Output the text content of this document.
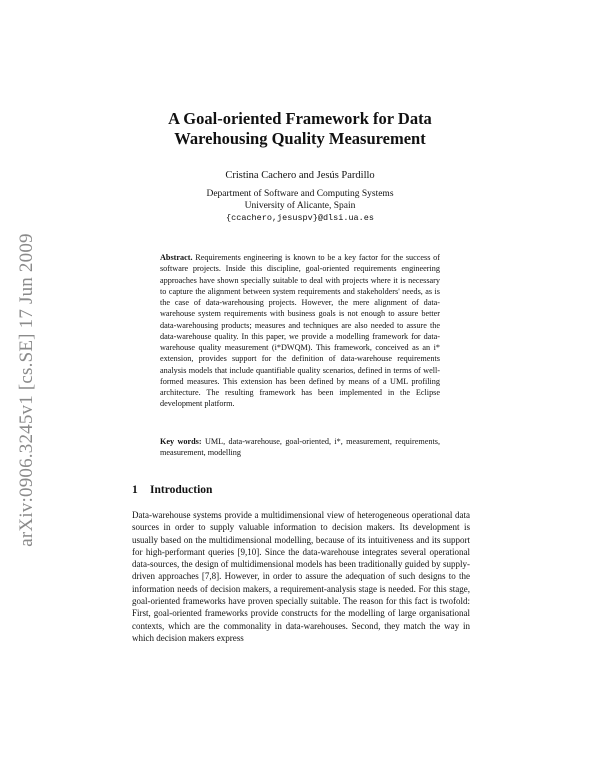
arXiv:0906.3245v1 [cs.SE] 17 Jun 2009
A Goal-oriented Framework for Data
Warehousing Quality Measurement
Cristina Cachero and Jesús Pardillo
Department of Software and Computing Systems
University of Alicante, Spain
{ccachero,jesuspv}@dlsi.ua.es

Abstract. Requirements engineering is known to be a key factor for the success of software projects. Inside this discipline, goal-oriented requirements engineering approaches have shown specially suitable to deal with projects where it is necessary to capture the alignment between system requirements and stakeholders' needs, as is the case of data-warehousing projects. However, the mere alignment of data-warehouse system requirements with business goals is not enough to assure better data-warehousing products; measures and techniques are also needed to assure the data-warehouse quality. In this paper, we provide a modelling framework for data-warehouse quality measurement (i*DWQM). This framework, conceived as an i* extension, provides support for the definition of data-warehouse requirements analysis models that include quantifiable quality scenarios, defined in terms of well-formed measures. This extension has been defined by means of a UML profiling architecture. The resulting framework has been implemented in the Eclipse development platform.

Key words: UML, data-warehouse, goal-oriented, i*, measurement, requirements, measurement, modelling

1 Introduction

Data-warehouse systems provide a multidimensional view of heterogeneous operational data sources in order to supply valuable information to decision makers. Its development is usually based on the multidimensional modelling, because of its intuitiveness and its support for high-performant queries [9,10]. Since the data-warehouse integrates several operational data-sources, the design of multidimensional models has been traditionally guided by supply-driven approaches [7,8]. However, in order to assure the adequation of such designs to the information needs of decision makers, a requirement-analysis stage is needed. For this stage, goal-oriented frameworks have proven specially suitable. The reason for this fact is twofold: First, goal-oriented frameworks provide constructs for the modelling of large organisational contexts, which are the commonality in data-warehouses. Second, they match the way in which decision makers express
